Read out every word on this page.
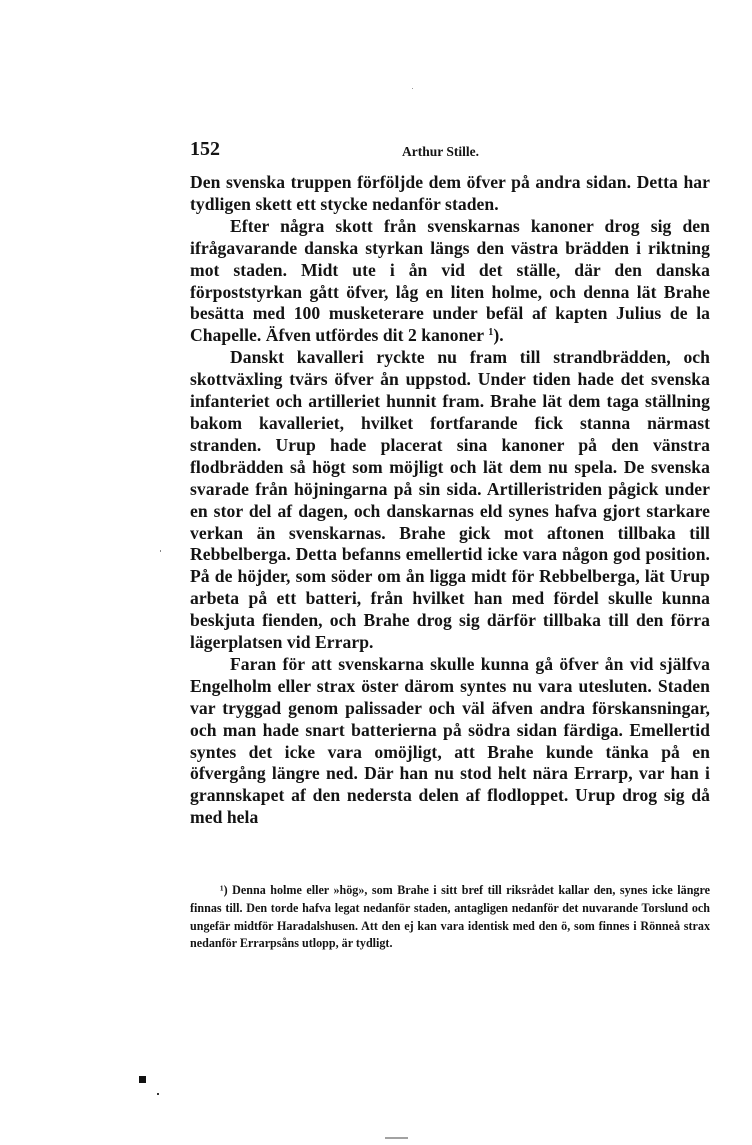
152	Arthur Stille.

Den svenska truppen förföljde dem öfver på andra sidan. Detta har tydligen skett ett stycke nedanför staden.

Efter några skott från svenskarnas kanoner drog sig den ifrågavarande danska styrkan längs den västra brädden i riktning mot staden. Midt ute i ån vid det ställe, där den danska förpoststyrkan gått öfver, låg en liten holme, och denna lät Brahe besätta med 100 musketerare under befäl af kapten Julius de la Chapelle. Äfven utfördes dit 2 kanoner $^1$).

Danskt kavalleri ryckte nu fram till strandbrädden, och skottväxling tvärs öfver ån uppstod. Under tiden hade det svenska infanteriet och artilleriet hunnit fram. Brahe lät dem taga ställning bakom kavalleriet, hvilket fortfarande fick stanna närmast stranden. Urup hade placerat sina kanoner på den vänstra flodbrädden så högt som möjligt och lät dem nu spela. De svenska svarade från höjningarna på sin sida. Artilleristriden pågick under en stor del af dagen, och danskarnas eld synes hafva gjort starkare verkan än svenskarnas. Brahe gick mot aftonen tillbaka till Rebbelberga. Detta befanns emellertid icke vara någon god position. På de höjder, som söder om ån ligga midt för Rebbelberga, lät Urup arbeta på ett batteri, från hvilket han med fördel skulle kunna beskjuta fienden, och Brahe drog sig därför tillbaka till den förra lägerplatsen vid Errarp.

Faran för att svenskarna skulle kunna gå öfver ån vid själfva Engelholm eller strax öster därom syntes nu vara utesluten. Staden var tryggad genom palissader och väl äfven andra förskansningar, och man hade snart batterierna på södra sidan färdiga. Emellertid syntes det icke vara omöjligt, att Brahe kunde tänka på en öfvergång längre ned. Där han nu stod helt nära Errarp, var han i grannskapet af den nedersta delen af flodloppet. Urup drog sig då med hela

¹) Denna holme eller »hög», som Brahe i sitt bref till riksrådet kallar den, synes icke längre finnas till. Den torde hafva legat nedanför staden, antagligen nedanför det nuvarande Torslund och ungefär midtför Haradalshusen. Att den ej kan vara identisk med den ö, som finnes i Rönneå strax nedanför Errarpsåns utlopp, är tydligt.
